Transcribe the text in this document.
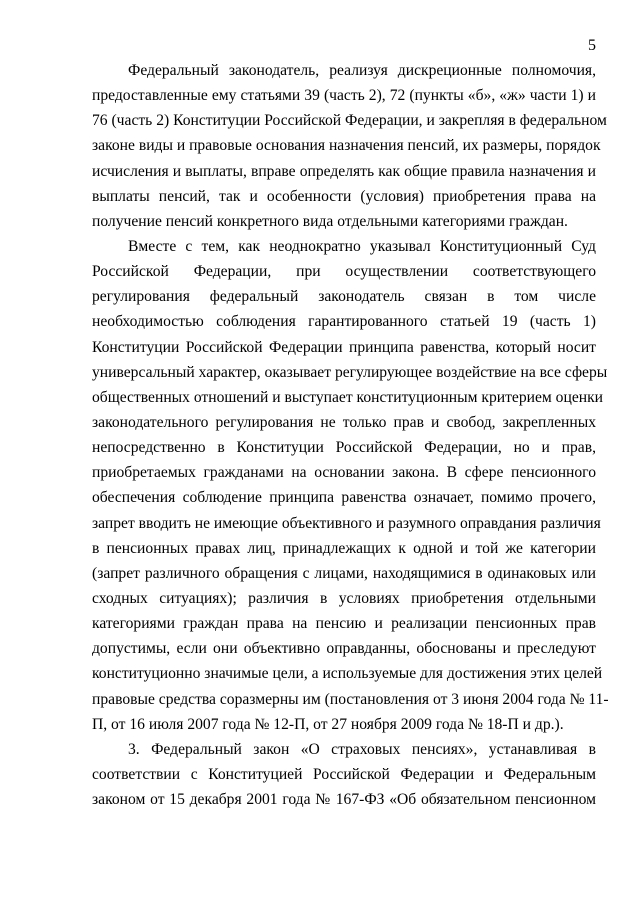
5
Федеральный законодатель, реализуя дискреционные полномочия,
предоставленные ему статьями 39 (часть 2), 72 (пункты «б», «ж» части 1) и
76 (часть 2) Конституции Российской Федерации, и закрепляя в федеральном
законе виды и правовые основания назначения пенсий, их размеры, порядок
исчисления и выплаты, вправе определять как общие правила назначения и
выплаты пенсий, так и особенности (условия) приобретения права на
получение пенсий конкретного вида отдельными категориями граждан.
Вместе с тем, как неоднократно указывал Конституционный Суд
Российской Федерации, при осуществлении соответствующего
регулирования федеральный законодатель связан в том числе
необходимостью соблюдения гарантированного статьей 19 (часть 1)
Конституции Российской Федерации принципа равенства, который носит
универсальный характер, оказывает регулирующее воздействие на все сферы
общественных отношений и выступает конституционным критерием оценки
законодательного регулирования не только прав и свобод, закрепленных
непосредственно в Конституции Российской Федерации, но и прав,
приобретаемых гражданами на основании закона. В сфере пенсионного
обеспечения соблюдение принципа равенства означает, помимо прочего,
запрет вводить не имеющие объективного и разумного оправдания различия
в пенсионных правах лиц, принадлежащих к одной и той же категории
(запрет различного обращения с лицами, находящимися в одинаковых или
сходных ситуациях); различия в условиях приобретения отдельными
категориями граждан права на пенсию и реализации пенсионных прав
допустимы, если они объективно оправданны, обоснованы и преследуют
конституционно значимые цели, а используемые для достижения этих целей
правовые средства соразмерны им (постановления от 3 июня 2004 года № 11-
П, от 16 июля 2007 года № 12-П, от 27 ноября 2009 года № 18-П и др.).
3. Федеральный закон «О страховых пенсиях», устанавливая в
соответствии с Конституцией Российской Федерации и Федеральным
законом от 15 декабря 2001 года № 167-ФЗ «Об обязательном пенсионном
